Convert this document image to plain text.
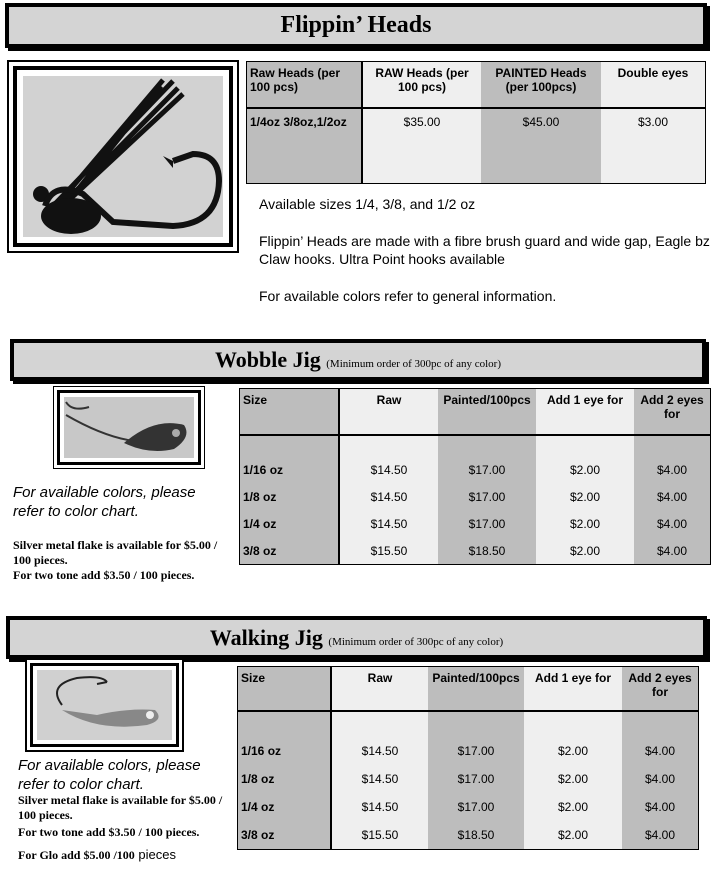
Flippin’ Heads
Raw Heads (per 100 pcs)	RAW Heads (per 100 pcs)	PAINTED Heads (per 100pcs)	Double eyes
1/4oz 3/8oz,1/2oz	$35.00	$45.00	$3.00
Available sizes 1/4, 3/8, and 1/2 oz
Flippin’ Heads are made with a fibre brush guard and wide gap, Eagle bz Claw hooks. Ultra Point hooks available
For available colors refer to general information.
Wobble Jig (Minimum order of 300pc of any color)
Size	Raw	Painted/100pcs	Add 1 eye for	Add 2 eyes for

1/16 oz	$14.50	$17.00	$2.00	$4.00
1/8 oz	$14.50	$17.00	$2.00	$4.00
1/4 oz	$14.50	$17.00	$2.00	$4.00
3/8 oz	$15.50	$18.50	$2.00	$4.00
For available colors, please refer to color chart.
Silver metal flake is available for $5.00 / 100 pieces.
For two tone add $3.50 / 100 pieces.
Walking Jig (Minimum order of 300pc of any color)
Size	Raw	Painted/100pcs	Add 1 eye for	Add 2 eyes for

1/16 oz	$14.50	$17.00	$2.00	$4.00
1/8 oz	$14.50	$17.00	$2.00	$4.00
1/4 oz	$14.50	$17.00	$2.00	$4.00
3/8 oz	$15.50	$18.50	$2.00	$4.00
For available colors, please refer to color chart.
Silver metal flake is available for $5.00 / 100 pieces.
For two tone add $3.50 / 100 pieces.
For Glo add $5.00 /100 pieces
